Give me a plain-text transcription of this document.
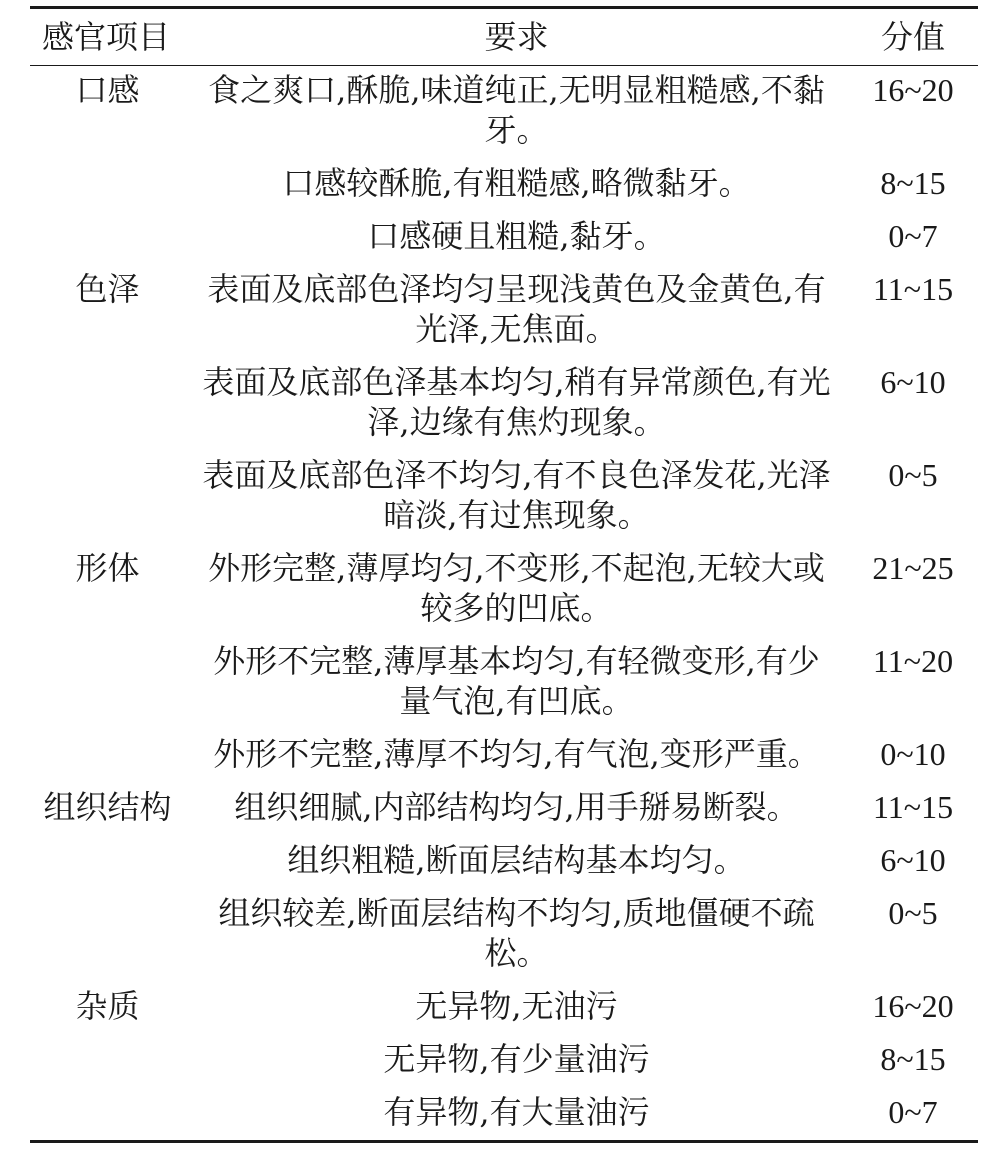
感官项目	要求	分值
口感	食之爽口,酥脆,味道纯正,无明显粗糙感,不黏牙。	16~20
	口感较酥脆,有粗糙感,略微黏牙。	8~15
	口感硬且粗糙,黏牙。	0~7
色泽	表面及底部色泽均匀呈现浅黄色及金黄色,有光泽,无焦面。	11~15
	表面及底部色泽基本均匀,稍有异常颜色,有光泽,边缘有焦灼现象。	6~10
	表面及底部色泽不均匀,有不良色泽发花,光泽暗淡,有过焦现象。	0~5
形体	外形完整,薄厚均匀,不变形,不起泡,无较大或较多的凹底。	21~25
	外形不完整,薄厚基本均匀,有轻微变形,有少量气泡,有凹底。	11~20
	外形不完整,薄厚不均匀,有气泡,变形严重。	0~10
组织结构	组织细腻,内部结构均匀,用手掰易断裂。	11~15
	组织粗糙,断面层结构基本均匀。	6~10
	组织较差,断面层结构不均匀,质地僵硬不疏松。	0~5
杂质	无异物,无油污	16~20
	无异物,有少量油污	8~15
	有异物,有大量油污	0~7
